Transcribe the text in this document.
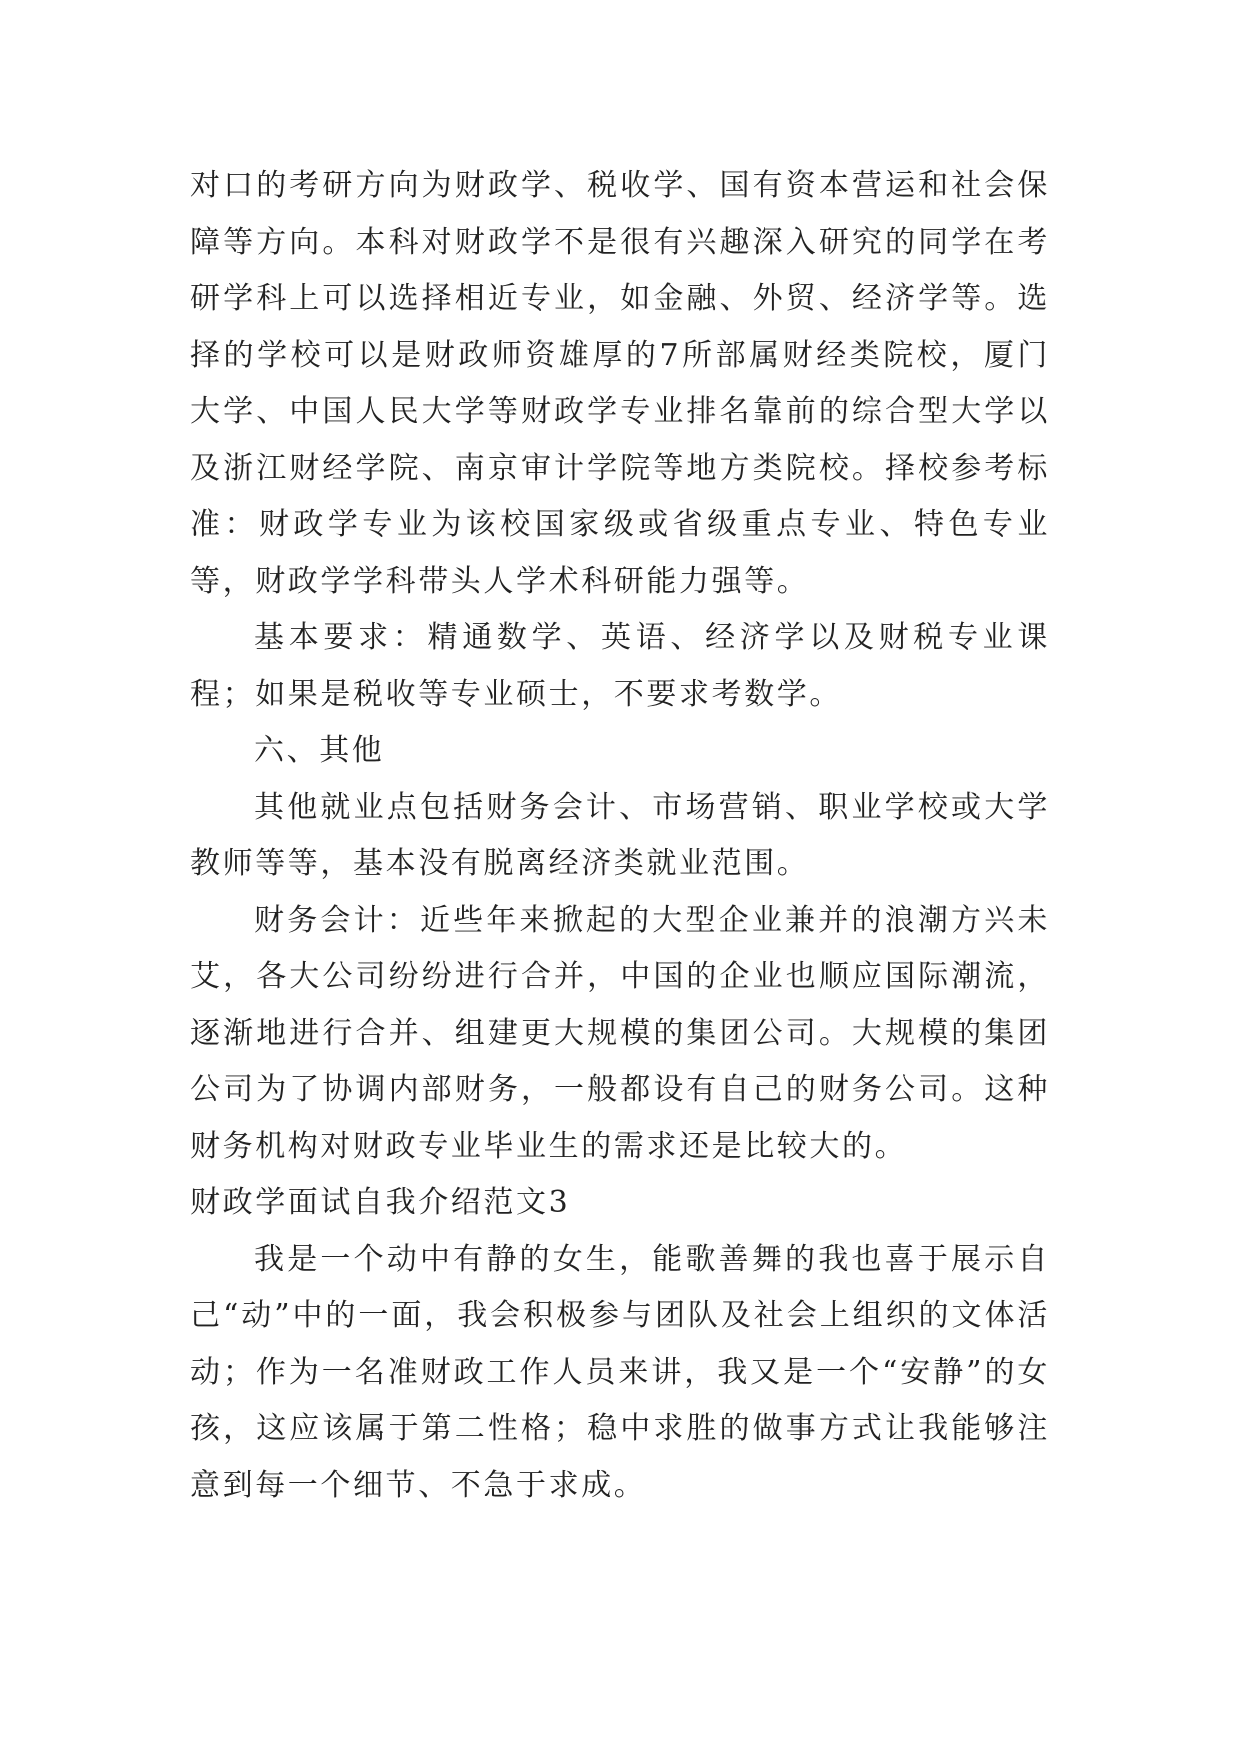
对口的考研方向为财政学、税收学、国有资本营运和社会保障等方向。本科对财政学不是很有兴趣深入研究的同学在考研学科上可以选择相近专业，如金融、外贸、经济学等。选择的学校可以是财政师资雄厚的7所部属财经类院校，厦门大学、中国人民大学等财政学专业排名靠前的综合型大学以及浙江财经学院、南京审计学院等地方类院校。择校参考标准：财政学专业为该校国家级或省级重点专业、特色专业等，财政学学科带头人学术科研能力强等。

基本要求：精通数学、英语、经济学以及财税专业课程；如果是税收等专业硕士，不要求考数学。

六、其他

其他就业点包括财务会计、市场营销、职业学校或大学教师等等，基本没有脱离经济类就业范围。

财务会计：近些年来掀起的大型企业兼并的浪潮方兴未艾，各大公司纷纷进行合并，中国的企业也顺应国际潮流，逐渐地进行合并、组建更大规模的集团公司。大规模的集团公司为了协调内部财务，一般都设有自己的财务公司。这种财务机构对财政专业毕业生的需求还是比较大的。

财政学面试自我介绍范文3

我是一个动中有静的女生，能歌善舞的我也喜于展示自己“动”中的一面，我会积极参与团队及社会上组织的文体活动；作为一名准财政工作人员来讲，我又是一个“安静”的女孩，这应该属于第二性格；稳中求胜的做事方式让我能够注意到每一个细节、不急于求成。
